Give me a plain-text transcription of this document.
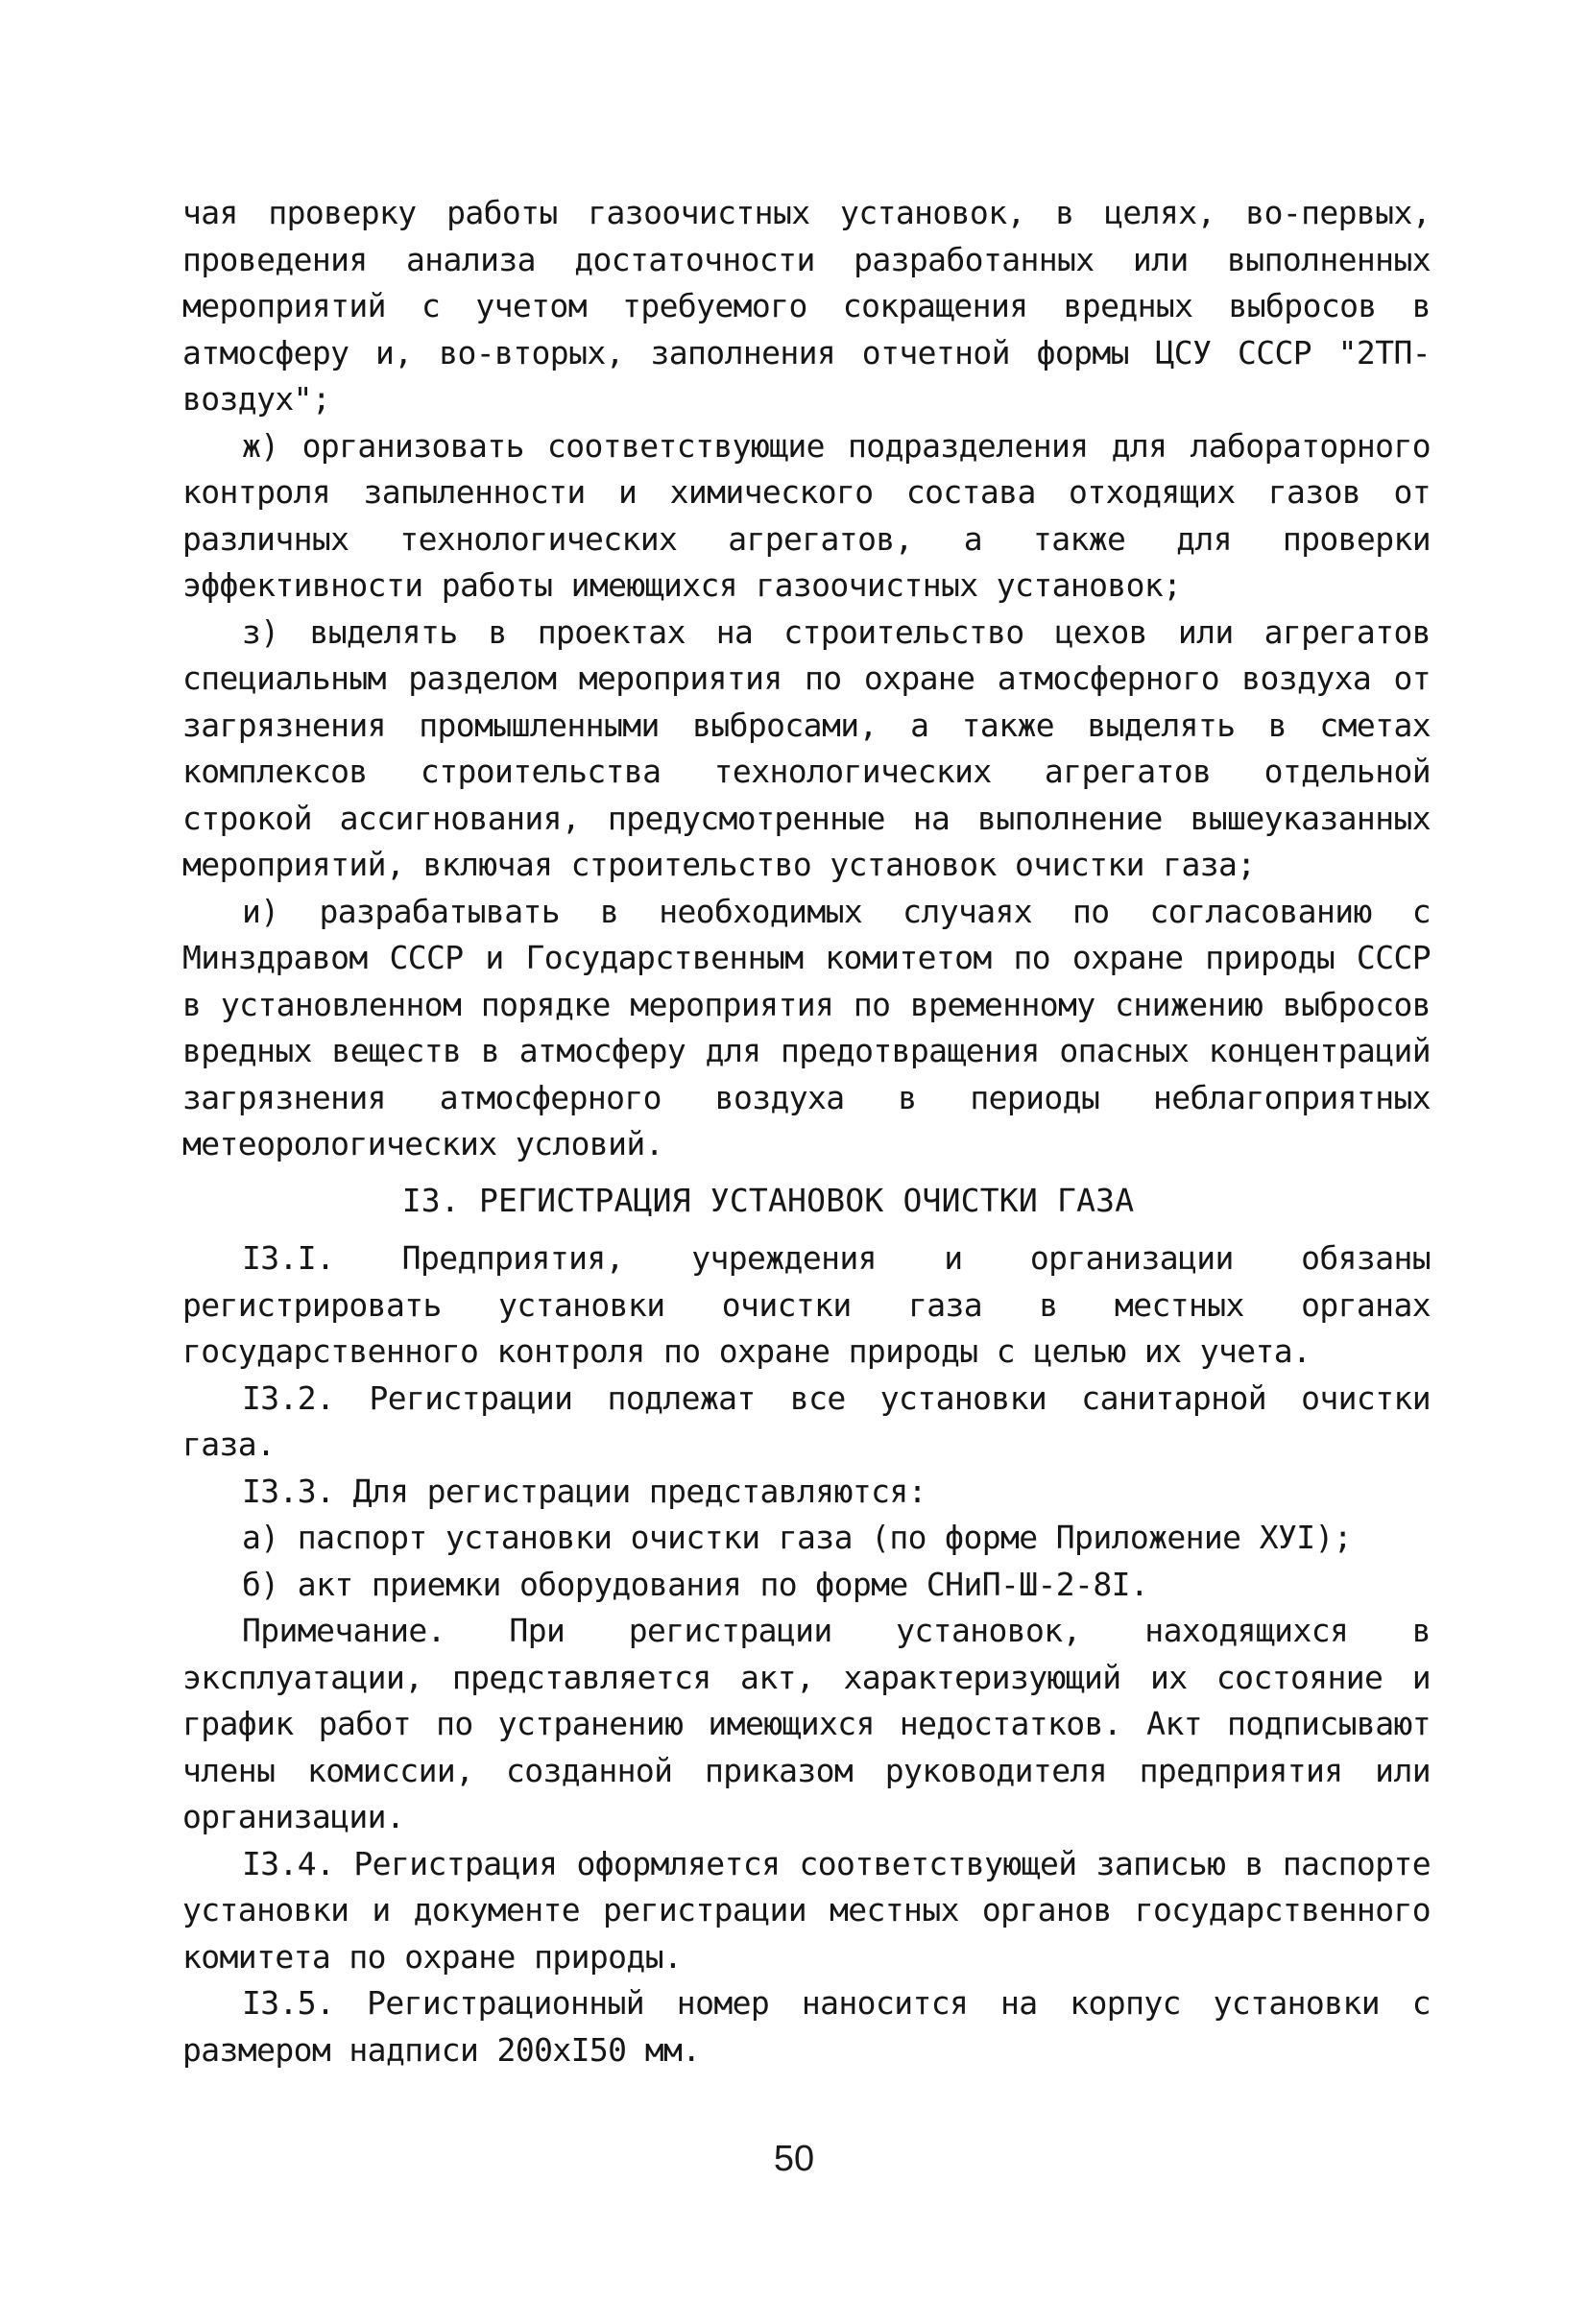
чая проверку работы газоочистных установок, в целях, во-первых, проведения анализа достаточности разработанных или выполненных мероприятий с учетом требуемого сокращения вредных выбросов в атмосферу и, во-вторых, заполнения отчетной формы ЦСУ СССР "2ТП-воздух";

ж) организовать соответствующие подразделения для лабораторного контроля запыленности и химического состава отходящих газов от различных технологических агрегатов, а также для проверки эффективности работы имеющихся газоочистных установок;

з) выделять в проектах на строительство цехов или агрегатов специальным разделом мероприятия по охране атмосферного воздуха от загрязнения промышленными выбросами, а также выделять в сметах комплексов строительства технологических агрегатов отдельной строкой ассигнования, предусмотренные на выполнение вышеуказанных мероприятий, включая строительство установок очистки газа;

и) разрабатывать в необходимых случаях по согласованию с Минздравом СССР и Государственным комитетом по охране природы СССР в установленном порядке мероприятия по временному снижению выбросов вредных веществ в атмосферу для предотвращения опасных концентраций загрязнения атмосферного воздуха в периоды неблагоприятных метеорологических условий.

I3. РЕГИСТРАЦИЯ УСТАНОВОК ОЧИСТКИ ГАЗА

I3.I. Предприятия, учреждения и организации обязаны регистрировать установки очистки газа в местных органах государственного контроля по охране природы с целью их учета.

I3.2. Регистрации подлежат все установки санитарной очистки газа.

I3.3. Для регистрации представляются:

а) паспорт установки очистки газа (по форме Приложение ХУI);

б) акт приемки оборудования по форме СНиП-Ш-2-8I.

Примечание. При регистрации установок, находящихся в эксплуатации, представляется акт, характеризующий их состояние и график работ по устранению имеющихся недостатков. Акт подписывают члены комиссии, созданной приказом руководителя предприятия или организации.

I3.4. Регистрация оформляется соответствующей записью в паспорте установки и документе регистрации местных органов государственного комитета по охране природы.

I3.5. Регистрационный номер наносится на корпус установки с размером надписи 200хI50 мм.

50
